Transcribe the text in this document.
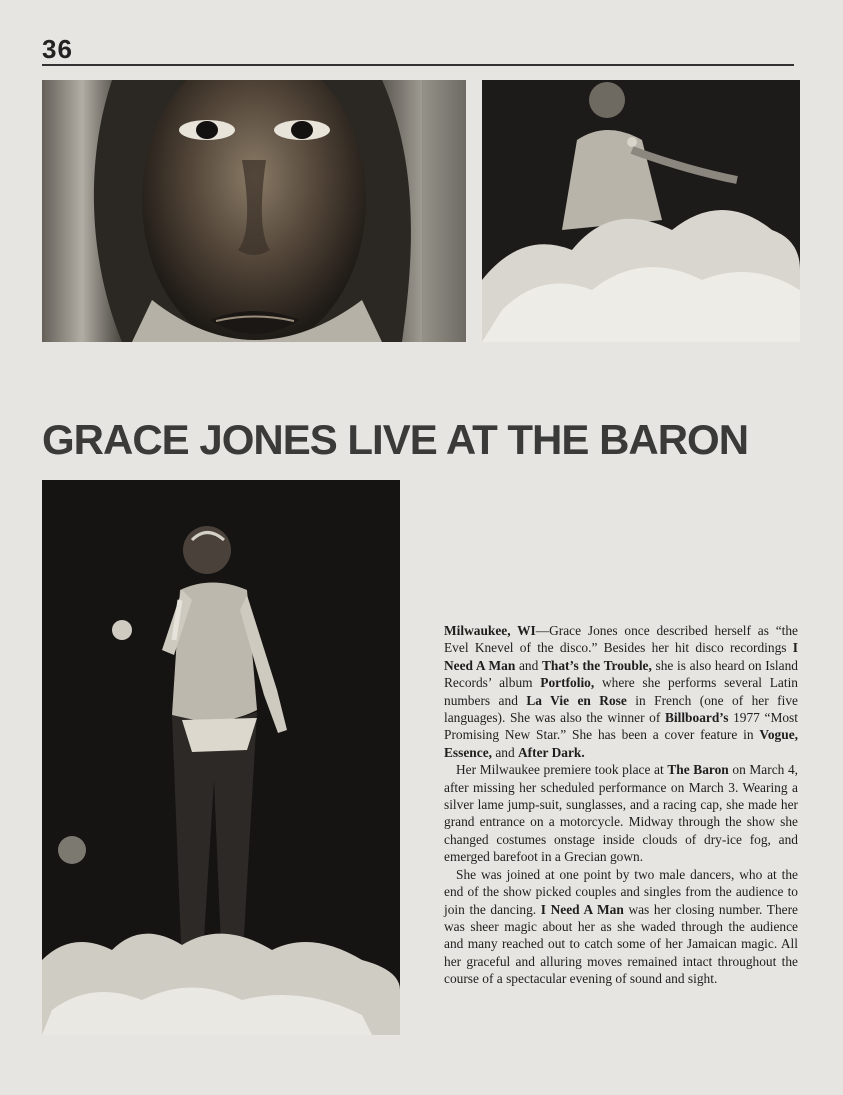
36
GRACE JONES LIVE AT THE BARON

Milwaukee, WI—Grace Jones once described herself as “the Evel Knevel of the disco.” Besides her hit disco recordings I Need A Man and That’s the Trouble, she is also heard on Island Records’ album Portfolio, where she performs several Latin numbers and La Vie en Rose in French (one of her five languages). She was also the winner of Billboard’s 1977 “Most Promising New Star.” She has been a cover feature in Vogue, Essence, and After Dark.

Her Milwaukee premiere took place at The Baron on March 4, after missing her scheduled performance on March 3. Wearing a silver lame jump-suit, sunglasses, and a racing cap, she made her grand entrance on a motorcycle. Midway through the show she changed costumes onstage inside clouds of dry-ice fog, and emerged barefoot in a Grecian gown.

She was joined at one point by two male dancers, who at the end of the show picked couples and singles from the audience to join the dancing. I Need A Man was her closing number. There was sheer magic about her as she waded through the audience and many reached out to catch some of her Jamaican magic. All her graceful and alluring moves remained intact throughout the course of a spectacular evening of sound and sight.
